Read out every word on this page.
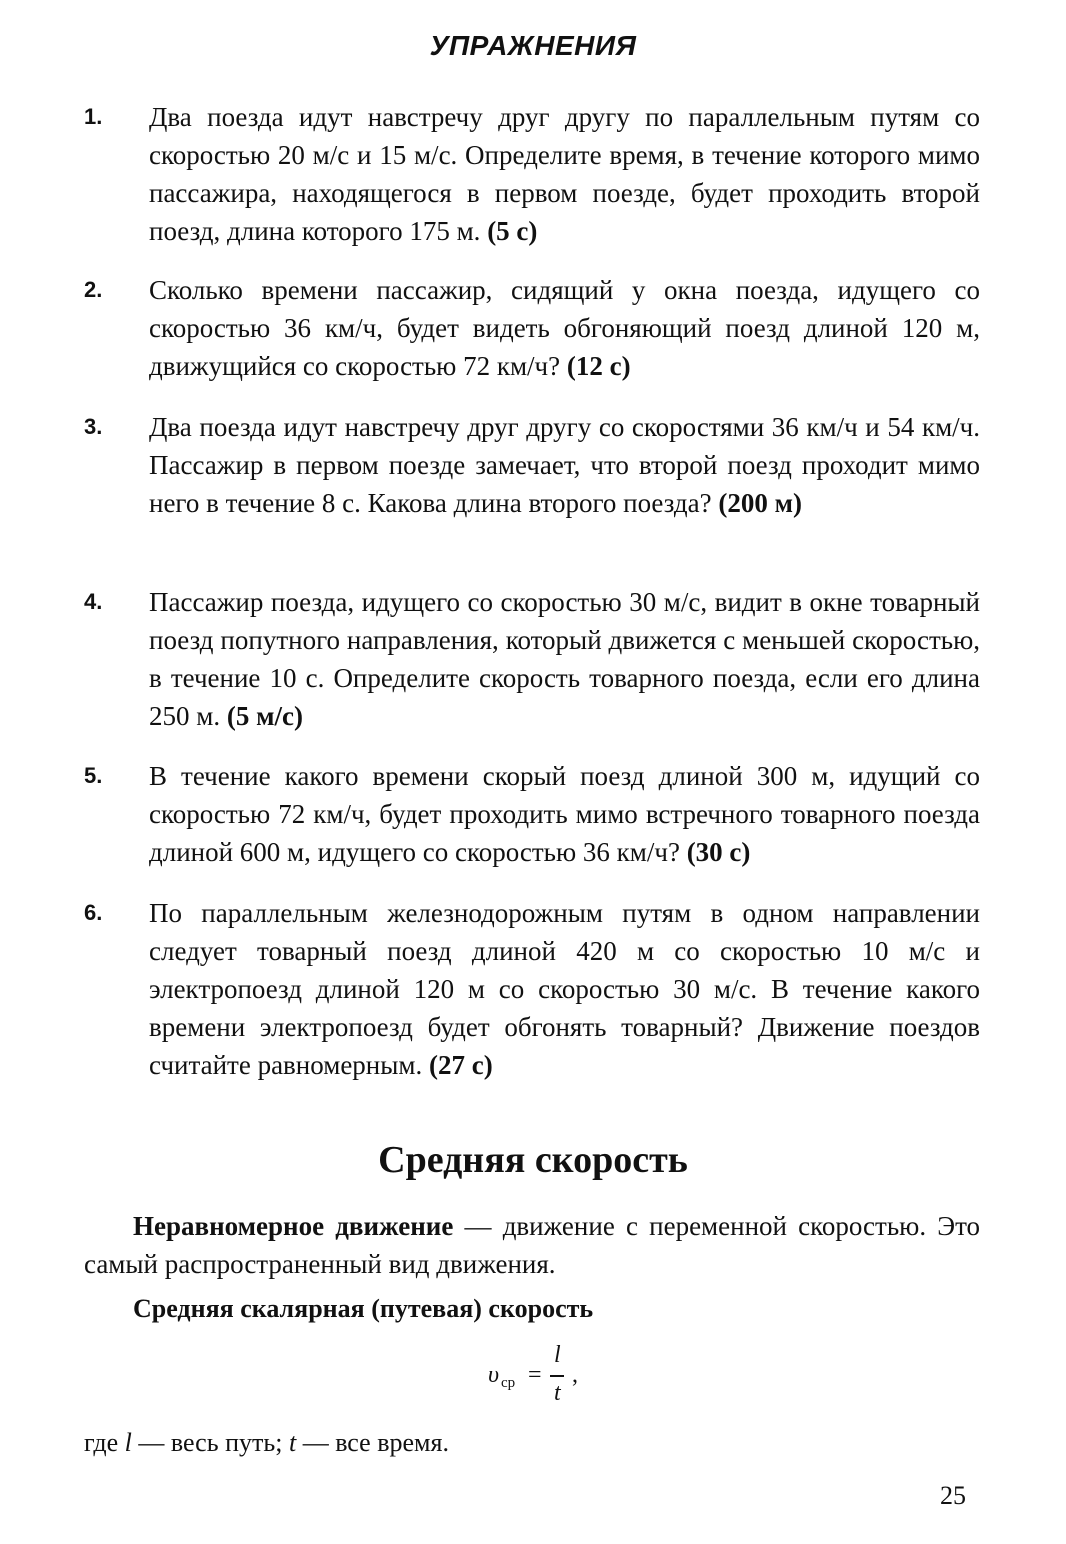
УПРАЖНЕНИЯ
1. Два поезда идут навстречу друг другу по параллельным путям со скоростью 20 м/с и 15 м/с. Определите время, в течение которого мимо пассажира, находящегося в первом поезде, будет проходить второй поезд, длина которого 175 м. (5 с)
2. Сколько времени пассажир, сидящий у окна поезда, идущего со скоростью 36 км/ч, будет видеть обгоняющий поезд длиной 120 м, движущийся со скоростью 72 км/ч? (12 с)
3. Два поезда идут навстречу друг другу со скоростями 36 км/ч и 54 км/ч. Пассажир в первом поезде замечает, что второй поезд проходит мимо него в течение 8 с. Какова длина второго поезда? (200 м)
4. Пассажир поезда, идущего со скоростью 30 м/с, видит в окне товарный поезд попутного направления, который движется с меньшей скоростью, в течение 10 с. Определите скорость товарного поезда, если его длина 250 м. (5 м/с)
5. В течение какого времени скорый поезд длиной 300 м, идущий со скоростью 72 км/ч, будет проходить мимо встречного товарного поезда длиной 600 м, идущего со скоростью 36 км/ч? (30 с)
6. По параллельным железнодорожным путям в одном направлении следует товарный поезд длиной 420 м со скоростью 10 м/с и электропоезд длиной 120 м со скоростью 30 м/с. В течение какого времени электропоезд будет обгонять товарный? Движение поездов считайте равномерным. (27 с)
Средняя скорость
Неравномерное движение — движение с переменной скоростью. Это самый распространенный вид движения.
Средняя скалярная (путевая) скорость
υ ср =
l
t
,
где l — весь путь; t — все время.
25
